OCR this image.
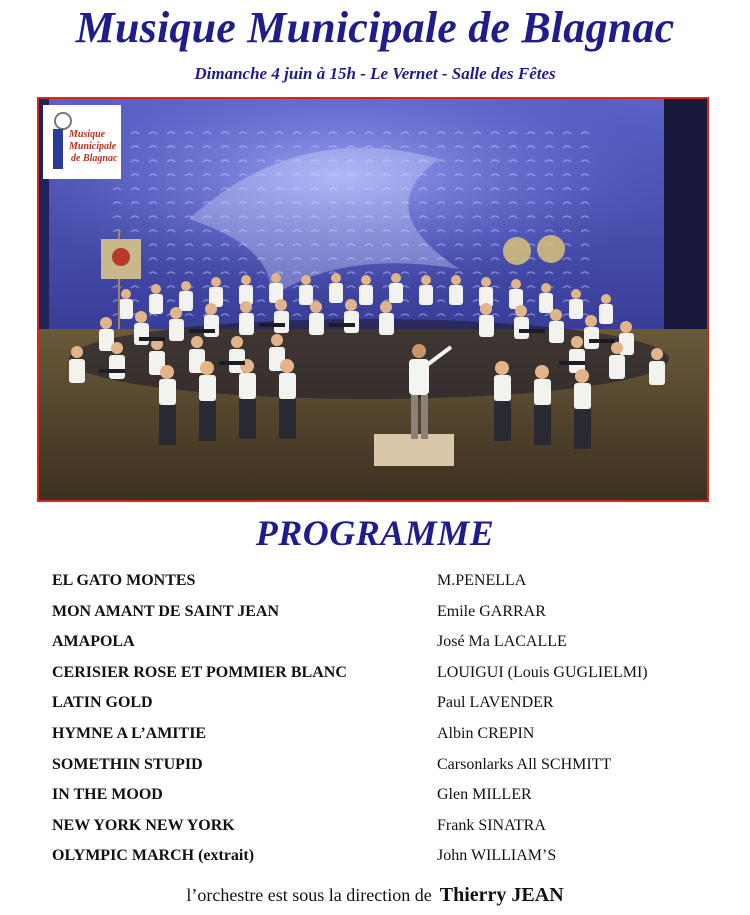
Musique Municipale de Blagnac
Dimanche 4 juin à 15h - Le Vernet - Salle des Fêtes
Musique
Municipale
de Blagnac
PROGRAMME
EL GATO MONTES	M.PENELLA
MON AMANT DE SAINT JEAN	Emile GARRAR
AMAPOLA	José Ma LACALLE
CERISIER ROSE ET POMMIER BLANC	LOUIGUI (Louis GUGLIELMI)
LATIN GOLD	Paul LAVENDER
HYMNE A L’AMITIE	Albin CREPIN
SOMETHIN STUPID	Carsonlarks All SCHMITT
IN THE MOOD	Glen MILLER
NEW YORK NEW YORK	Frank SINATRA
OLYMPIC MARCH (extrait)	John WILLIAM’S
l’orchestre est sous la direction de Thierry JEAN
